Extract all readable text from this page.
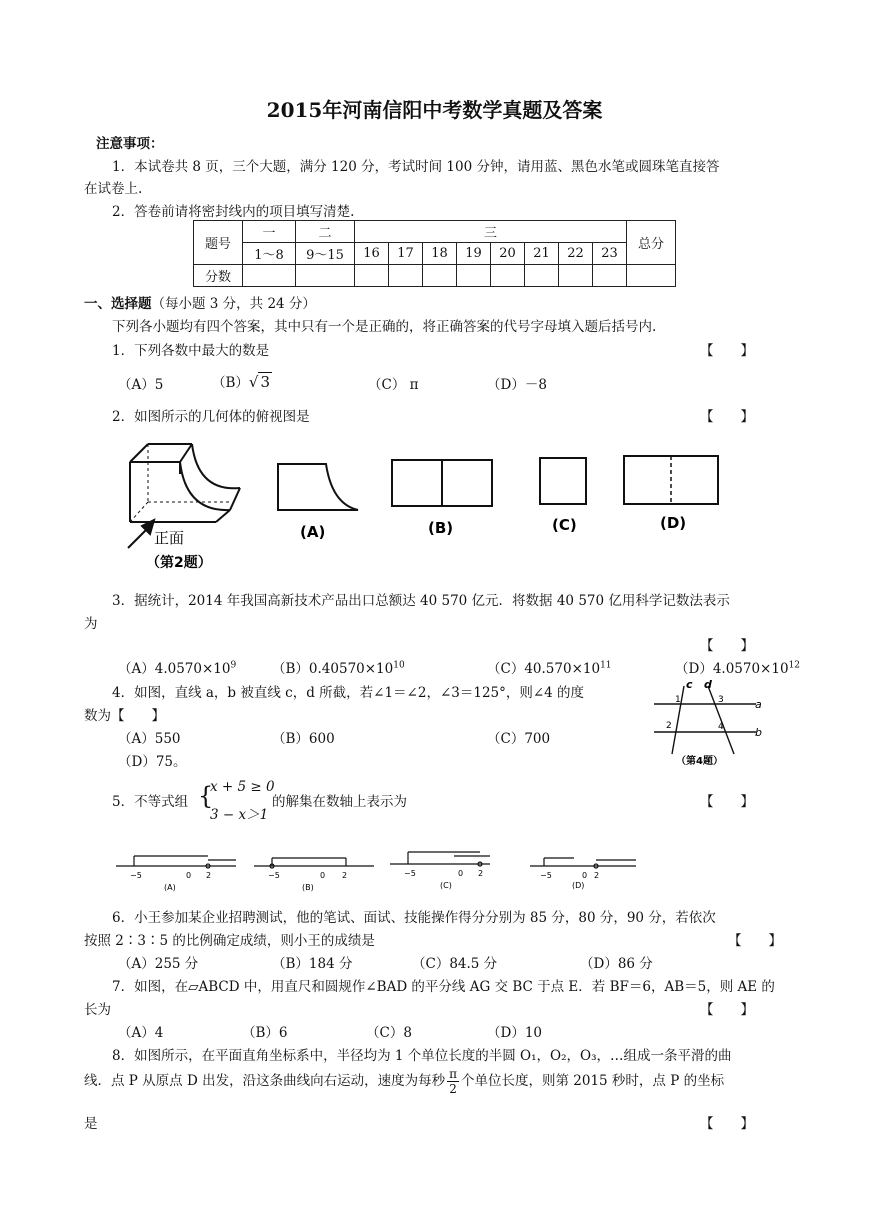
2015年河南信阳中考数学真题及答案
注意事项：
1．本试卷共 8 页，三个大题，满分 120 分，考试时间 100 分钟，请用蓝、黑色水笔或圆珠笔直接答
在试卷上.
2．答卷前请将密封线内的项目填写清楚.
题号	一	二	三								总分
	1～8	9～15	16	17	18	19	20	21	22	23	
分数											
一、选择题（每小题 3 分，共 24 分）
下列各小题均有四个答案，其中只有一个是正确的，将正确答案的代号字母填入题后括号内.
1．下列各数中最大的数是	【　　】
（A）5	（B）√ 3	（C） π	（D）－8
2．如图所示的几何体的俯视图是	【　　】
正面
（第2题）
(A)	(B)	(C)	(D)
3．据统计，2014 年我国高新技术产品出口总额达 40 570 亿元．将数据 40 570 亿用科学记数法表示
为
【　　】
$(A)4.0570\times 10^9$	$(B)0.40570\times 10^{10}$	$(C)40.570\times 10^{11}$	$(D)4.0570\times 10^{12}$
4．如图，直线 a，b 被直线 c，d 所截，若∠1＝∠2，∠3＝125°，则∠4 的度
数为【　　】
（A）550	（B）600	（C）700
（D）75。
c d
a
b
1
2
3
4
（第4题）
5．不等式组 {
x + 5 ≥ 0
3 − x＞1
的解集在数轴上表示为	【　　】
−5	0 2
(A)
−5	0 2
(B)
−5	0 2
(C)
−5	0 2
(D)
6．小王参加某企业招聘测试，他的笔试、面试、技能操作得分分别为 85 分，80 分，90 分，若依次
按照 2∶3∶5 的比例确定成绩，则小王的成绩是	【　　】
（A）255 分	（B）184 分	（C）84.5 分	（D）86 分
7．如图，在▱ABCD 中，用直尺和圆规作∠BAD 的平分线 AG 交 BC 于点 E．若 BF＝6，AB＝5，则 AE 的
长为	【　　】
（A）4	（B）6	（C）8	（D）10
8．如图所示，在平面直角坐标系中，半径均为 1 个单位长度的半圆 O₁，O₂，O₃，…组成一条平滑的曲
线．点 P 从原点 D 出发，沿这条曲线向右运动，速度为每秒 $\frac{\pi}{2}$ 个单位长度，则第 2015 秒时，点 P 的坐标
是	【　　】
